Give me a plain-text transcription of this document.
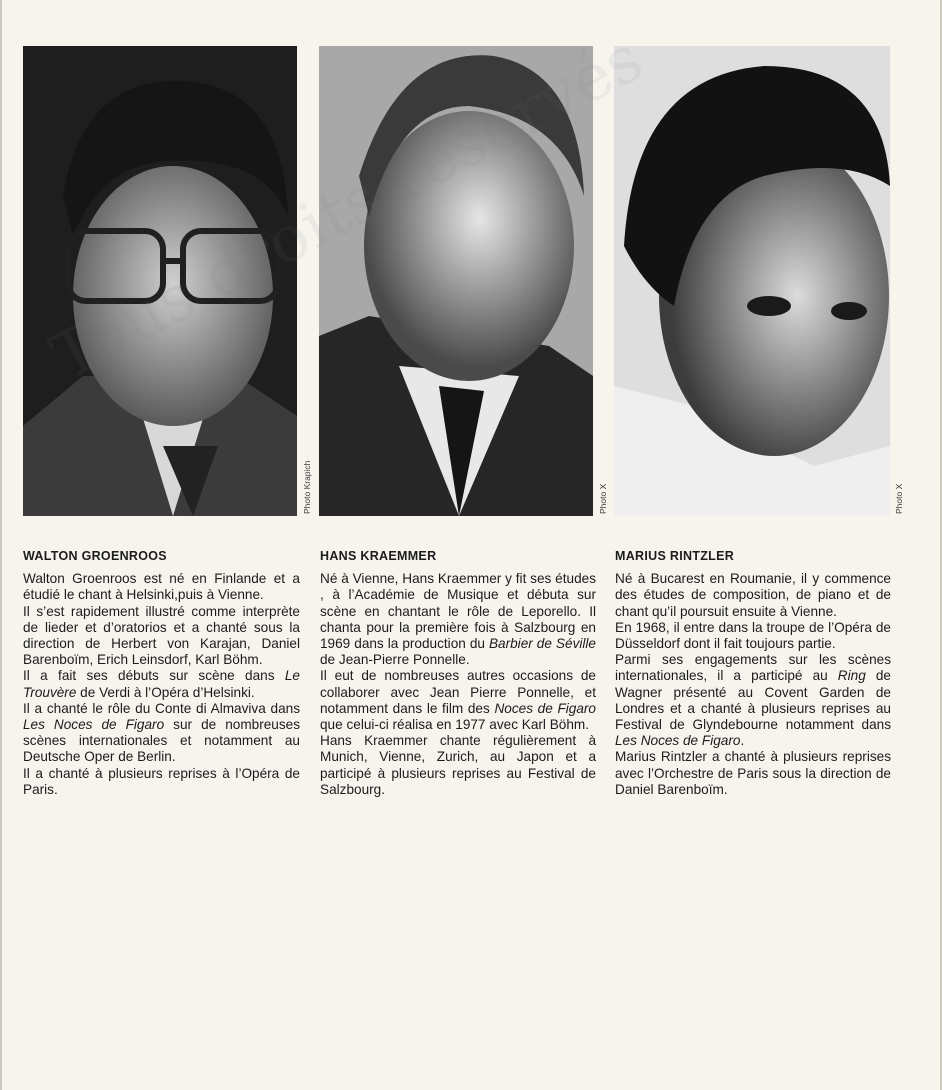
Photo Krapich	Photo X	Photo X
WALTON GROENROOS

Walton Groenroos est né en Finlande et a étudié le chant à Helsinki,puis à Vienne.

Il s’est rapidement illustré comme interprète de lieder et d’oratorios et a chanté sous la direction de Herbert von Karajan, Daniel Barenboïm, Erich Leinsdorf, Karl Böhm.

Il a fait ses débuts sur scène dans Le Trouvère de Verdi à l’Opéra d’Helsinki.

Il a chanté le rôle du Conte di Almaviva dans Les Noces de Figaro sur de nombreuses scènes internationales et notamment au Deutsche Oper de Berlin.

Il a chanté à plusieurs reprises à l’Opéra de Paris.

HANS KRAEMMER

Né à Vienne, Hans Kraemmer y fit ses études , à l’Académie de Musique et débuta sur scène en chantant le rôle de Leporello. Il chanta pour la première fois à Salzbourg en 1969 dans la production du Barbier de Séville de Jean-Pierre Ponnelle.

Il eut de nombreuses autres occasions de collaborer avec Jean Pierre Ponnelle, et notamment dans le film des Noces de Figaro que celui-ci réalisa en 1977 avec Karl Böhm.

Hans Kraemmer chante régulièrement à Munich, Vienne, Zurich, au Japon et a participé à plusieurs reprises au Festival de Salzbourg.

MARIUS RINTZLER

Né à Bucarest en Roumanie, il y commence des études de composition, de piano et de chant qu’il poursuit ensuite à Vienne.

En 1968, il entre dans la troupe de l’Opéra de Düsseldorf dont il fait toujours partie.

Parmi ses engagements sur les scènes internationales, il a participé au Ring de Wagner présenté au Covent Garden de Londres et a chanté à plusieurs reprises au Festival de Glyndebourne notamment dans Les Noces de Figaro.

Marius Rintzler a chanté à plusieurs reprises avec l’Orchestre de Paris sous la direction de Daniel Barenboïm.
